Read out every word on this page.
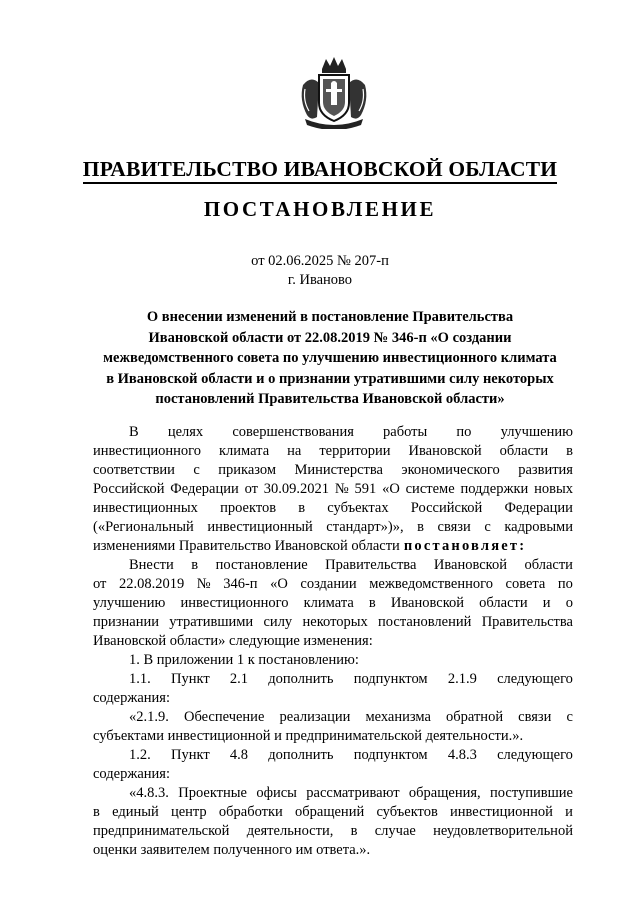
ПРАВИТЕЛЬСТВО ИВАНОВСКОЙ ОБЛАСТИ
ПОСТАНОВЛЕНИЕ
от 02.06.2025 № 207-п
г. Иваново
О внесении изменений в постановление Правительства
Ивановской области от 22.08.2019 № 346-п «О создании
межведомственного совета по улучшению инвестиционного климата
в Ивановской области и о признании утратившими силу некоторых
постановлений Правительства Ивановской области»
В целях совершенствования работы по улучшению
инвестиционного климата на территории Ивановской области в
соответствии с приказом Министерства экономического развития
Российской Федерации от 30.09.2021 № 591 «О системе поддержки новых
инвестиционных проектов в субъектах Российской Федерации
(«Региональный инвестиционный стандарт»)», в связи с кадровыми
изменениями Правительство Ивановской области постановляет:
Внести в постановление Правительства Ивановской области
от 22.08.2019 № 346-п «О создании межведомственного совета по
улучшению инвестиционного климата в Ивановской области и о
признании утратившими силу некоторых постановлений Правительства
Ивановской области» следующие изменения:
1. В приложении 1 к постановлению:
1.1. Пункт 2.1 дополнить подпунктом 2.1.9 следующего
содержания:
«2.1.9. Обеспечение реализации механизма обратной связи с
субъектами инвестиционной и предпринимательской деятельности.».
1.2. Пункт 4.8 дополнить подпунктом 4.8.3 следующего
содержания:
«4.8.3. Проектные офисы рассматривают обращения, поступившие
в единый центр обработки обращений субъектов инвестиционной и
предпринимательской деятельности, в случае неудовлетворительной
оценки заявителем полученного им ответа.».
